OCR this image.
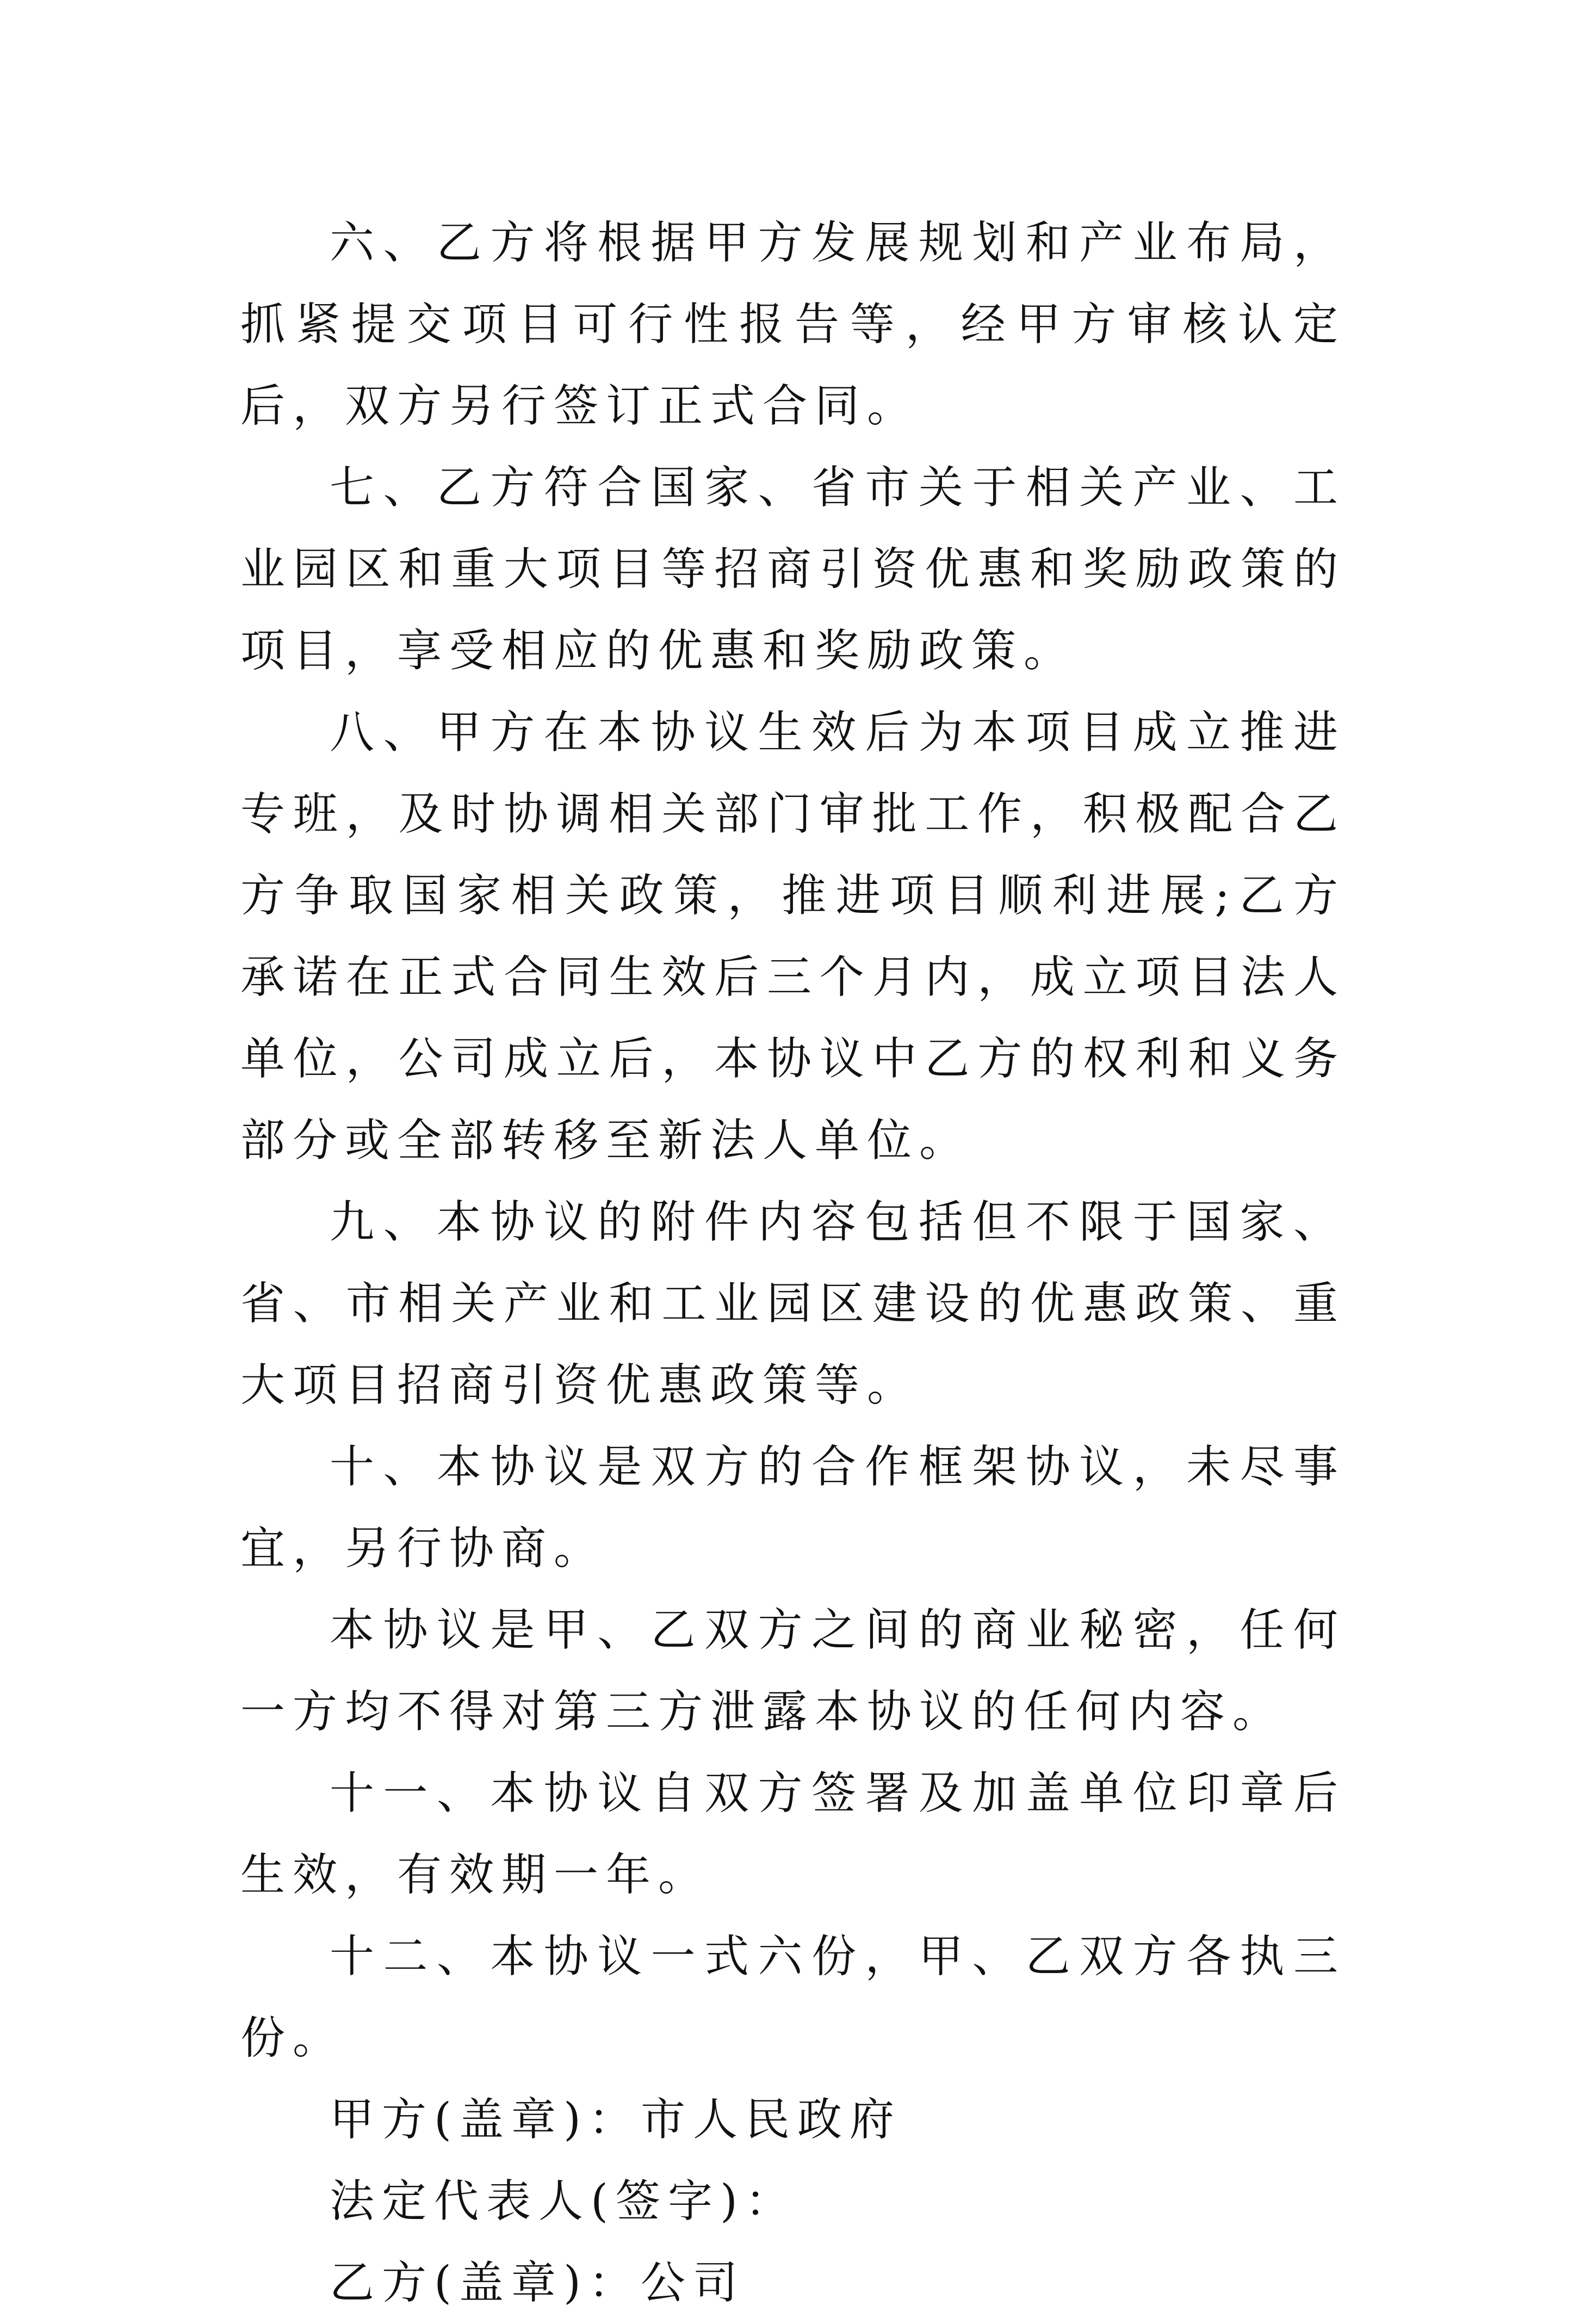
六、乙方将根据甲方发展规划和产业布局，抓紧提交项目可行性报告等，经甲方审核认定后，双方另行签订正式合同。

七、乙方符合国家、省市关于相关产业、工业园区和重大项目等招商引资优惠和奖励政策的项目，享受相应的优惠和奖励政策。

八、甲方在本协议生效后为本项目成立推进专班，及时协调相关部门审批工作，积极配合乙方争取国家相关政策，推进项目顺利进展;乙方承诺在正式合同生效后三个月内，成立项目法人单位，公司成立后，本协议中乙方的权利和义务部分或全部转移至新法人单位。

九、本协议的附件内容包括但不限于国家、省、市相关产业和工业园区建设的优惠政策、重大项目招商引资优惠政策等。

十、本协议是双方的合作框架协议，未尽事宜，另行协商。

本协议是甲、乙双方之间的商业秘密，任何一方均不得对第三方泄露本协议的任何内容。

十一、本协议自双方签署及加盖单位印章后生效，有效期一年。

十二、本协议一式六份，甲、乙双方各执三份。

甲方(盖章)：市人民政府

法定代表人(签字)：

乙方(盖章)：公司
